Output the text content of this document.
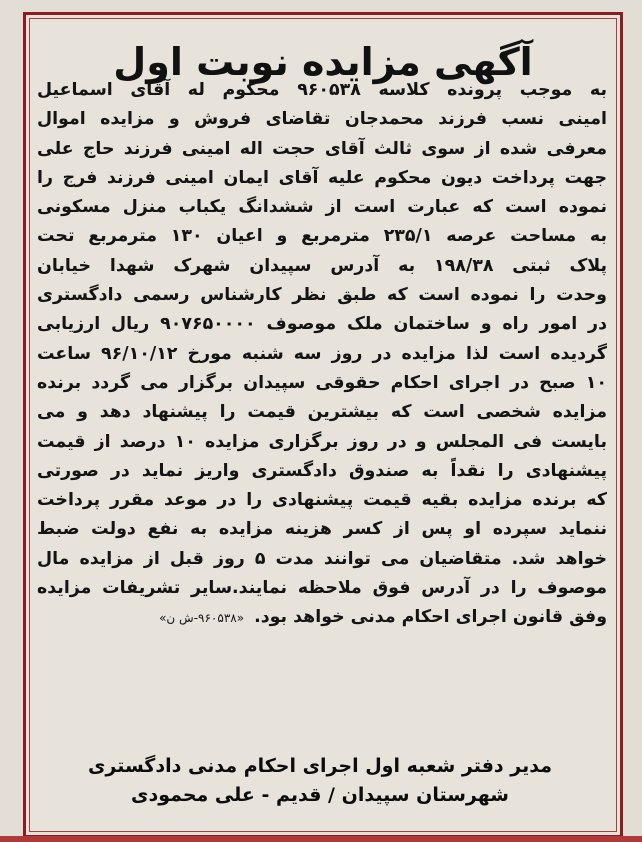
آگهی مزایده نوبت اول
به موجب پرونده کلاسه ۹۶۰۵۳۸ محکوم له آقای اسماعیل
امینی نسب فرزند محمدجان تقاضای فروش و مزایده اموال
معرفی شده از سوی ثالث آقای حجت اله امینی فرزند حاج علی
جهت پرداخت دیون محکوم علیه آقای ایمان امینی فرزند فرج را
نموده است که عبارت است از ششدانگ یکباب منزل مسکونی
به مساحت عرصه ۲۳۵/۱ مترمربع و اعیان ۱۳۰ مترمربع تحت
پلاک ثبتی ۱۹۸/۳۸ به آدرس سپیدان شهرک شهدا خیابان
وحدت را نموده است که طبق نظر کارشناس رسمی دادگستری
در امور راه و ساختمان ملک موصوف ۹۰۷۶۵۰۰۰۰ ریال ارزیابی
گردیده است لذا مزایده در روز سه شنبه مورخ ۹۶/۱۰/۱۲ ساعت
۱۰ صبح در اجرای احکام حقوقی سپیدان برگزار می گردد برنده
مزایده شخصی است که بیشترین قیمت را پیشنهاد دهد و می
بایست فی المجلس و در روز برگزاری مزایده ۱۰ درصد از قیمت
پیشنهادی را نقداً به صندوق دادگستری واریز نماید در صورتی
که برنده مزایده بقیه قیمت پیشنهادی را در موعد مقرر پرداخت
ننماید سپرده او پس از کسر هزینه مزایده به نفع دولت ضبط
خواهد شد. متقاضیان می توانند مدت ۵ روز قبل از مزایده مال
موصوف را در آدرس فوق ملاحظه نمایند.سایر تشریفات مزایده
وفق قانون اجرای احکام مدنی خواهد بود. «۹۶۰۵۳۸-ش ن»
مدیر دفتر شعبه اول اجرای احکام مدنی دادگستری
شهرستان سپیدان / قدیم - علی محمودی
